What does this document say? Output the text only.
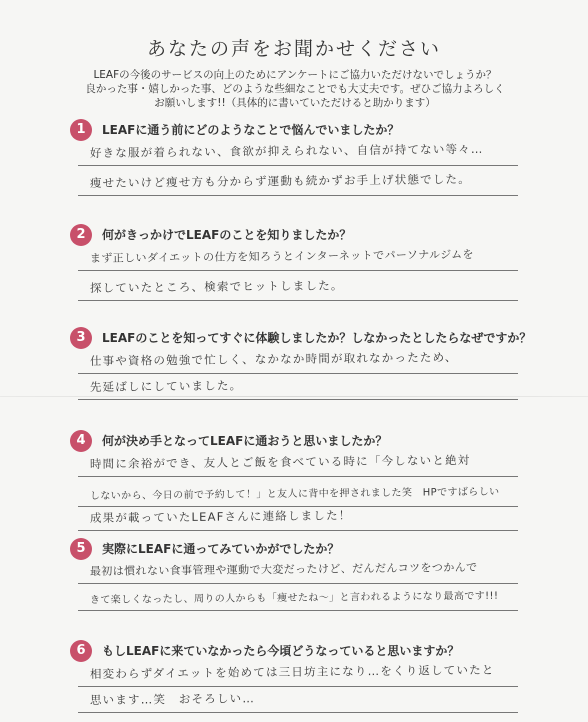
あなたの声をお聞かせください
LEAFの今後のサービスの向上のためにアンケートにご協力いただけないでしょうか？
良かった事・嬉しかった事、どのような些細なことでも大丈夫です。ぜひご協力よろしく
お願いします!!（具体的に書いていただけると助かります）
1	LEAFに通う前にどのようなことで悩んでいましたか？
好きな服が着られない、食欲が抑えられない、自信が持てない等々…
痩せたいけど痩せ方も分からず運動も続かずお手上げ状態でした。
2	何がきっかけでLEAFのことを知りましたか？
まず正しいダイエットの仕方を知ろうとインターネットでパーソナルジムを
探していたところ、検索でヒットしました。
3	LEAFのことを知ってすぐに体験しましたか？しなかったとしたらなぜですか？
仕事や資格の勉強で忙しく、なかなか時間が取れなかったため、
先延ばしにしていました。
4	何が決め手となってLEAFに通おうと思いましたか？
時間に余裕ができ、友人とご飯を食べている時に「今しないと絶対
しないから、今日の前で予約して！」と友人に背中を押されました笑　HPですばらしい
成果が載っていたLEAFさんに連絡しました！
5	実際にLEAFに通ってみていかがでしたか？
最初は慣れない食事管理や運動で大変だったけど、だんだんコツをつかんで
きて楽しくなったし、周りの人からも「痩せたね〜」と言われるようになり最高です!!!
6	もしLEAFに来ていなかったら今頃どうなっていると思いますか？
相変わらずダイエットを始めては三日坊主になり…をくり返していたと
思います…笑　おそろしい…
